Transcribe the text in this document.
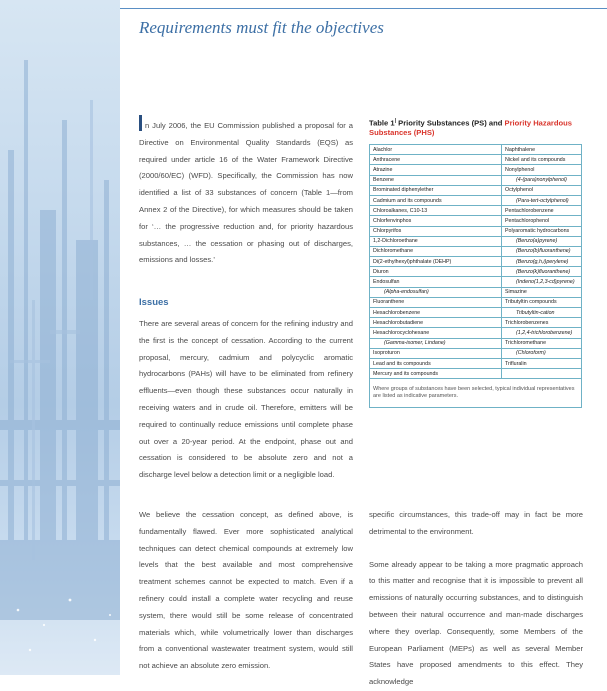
Requirements must fit the objectives
n July 2006, the EU Commission published a proposal for a Directive on Environmental Quality Standards (EQS) as required under article 16 of the Water Framework Directive (2000/60/EC) (WFD). Specifically, the Commission has now identified a list of 33 substances of concern (Table 1—from Annex 2 of the Directive), for which measures should be taken for ‘… the progressive reduction and, for priority hazardous substances, … the cessation or phasing out of discharges, emissions and losses.’
Issues
There are several areas of concern for the refining industry and the first is the concept of cessation. According to the current proposal, mercury, cadmium and polycyclic aromatic hydrocarbons (PAHs) will have to be eliminated from refinery effluents—even though these substances occur naturally in receiving waters and in crude oil. Therefore, emitters will be required to continually reduce emissions until complete phase out over a 20-year period. At the endpoint, phase out and cessation is considered to be absolute zero and not a discharge level below a detection limit or a negligible load.
We believe the cessation concept, as defined above, is fundamentally flawed. Ever more sophisticated analytical techniques can detect chemical compounds at extremely low levels that the best available and most comprehensive treatment schemes cannot be expected to match. Even if a refinery could install a complete water recycling and reuse system, there would still be some release of concentrated materials which, while volumetrically lower than discharges from a conventional wastewater treatment system, would still not achieve an absolute zero emission.

specific circumstances, this trade-off may in fact be more detrimental to the environment.

Some already appear to be taking a more pragmatic approach to this matter and recognise that it is impossible to prevent all emissions of naturally occurring substances, and to distinguish between their natural occurrence and man-made discharges where they overlap. Consequently, some Members of the European Parliament (MEPs) as well as several Member States have proposed amendments to this effect. They acknowledge

Table 1| Priority Substances (PS) and Priority Hazardous Substances (PHS)
Alachlor	Naphthalene
Anthracene	Nickel and its compounds
Atrazine	Nonylphenol
Benzene	(4-(para)nonylphenol)
Brominated diphenylether	Octylphenol
Cadmium and its compounds	(Para-tert-octylphenol)
Chloroalkanes, C10-13	Pentachlorobenzene
Chlorfenvinphos	Pentachlorophenol
Chlorpyrifos	Polyaromatic hydrocarbons
1,2-Dichloroethane	(Benzo(a)pyrene)
Dichloromethane	(Benzo(b)fluoranthene)
Di(2-ethylhexyl)phthalate (DEHP)	(Benzo(g,h,i)perylene)
Diuron	(Benzo(k)fluoranthene)
Endosulfan	(Indeno(1,2,3-cd)pyrene)
(Alpha-endosulfan)	Simazine
Fluoranthene	Tributyltin compounds
Hexachlorobenzene	Tributyltin-cation
Hexachlorobutadiene	Trichlorobenzenes
Hexachlorocyclohexane	(1,2,4-trichlorobenzene)
(Gamma-isomer, Lindane)	Trichloromethane
Isoproturon	(Chloroform)
Lead and its compounds	Trifluralin
Mercury and its compounds	
Where groups of substances have been selected, typical individual representatives are listed as indicative parameters.	
